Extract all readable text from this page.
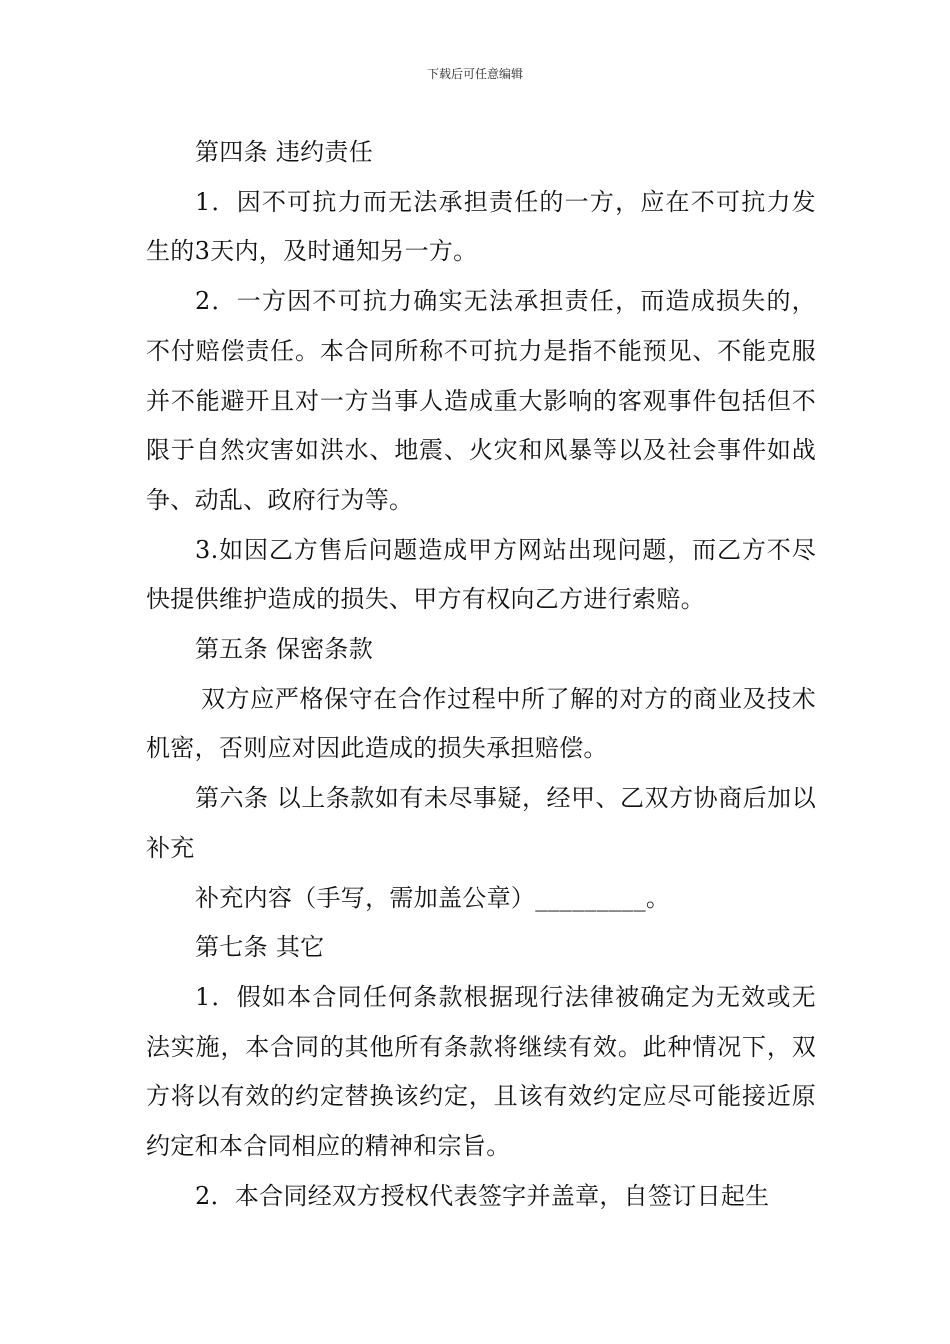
下载后可任意编辑

第四条 违约责任

1．因不可抗力而无法承担责任的一方，应在不可抗力发生的3天内，及时通知另一方。

2．一方因不可抗力确实无法承担责任，而造成损失的，不付赔偿责任。本合同所称不可抗力是指不能预见、不能克服并不能避开且对一方当事人造成重大影响的客观事件包括但不限于自然灾害如洪水、地震、火灾和风暴等以及社会事件如战争、动乱、政府行为等。

3.如因乙方售后问题造成甲方网站出现问题，而乙方不尽快提供维护造成的损失、甲方有权向乙方进行索赔。

第五条 保密条款

双方应严格保守在合作过程中所了解的对方的商业及技术机密，否则应对因此造成的损失承担赔偿。

第六条 以上条款如有未尽事疑，经甲、乙双方协商后加以补充

补充内容（手写，需加盖公章）_________。

第七条 其它

1．假如本合同任何条款根据现行法律被确定为无效或无法实施，本合同的其他所有条款将继续有效。此种情况下，双方将以有效的约定替换该约定，且该有效约定应尽可能接近原约定和本合同相应的精神和宗旨。

2．本合同经双方授权代表签字并盖章，自签订日起生
